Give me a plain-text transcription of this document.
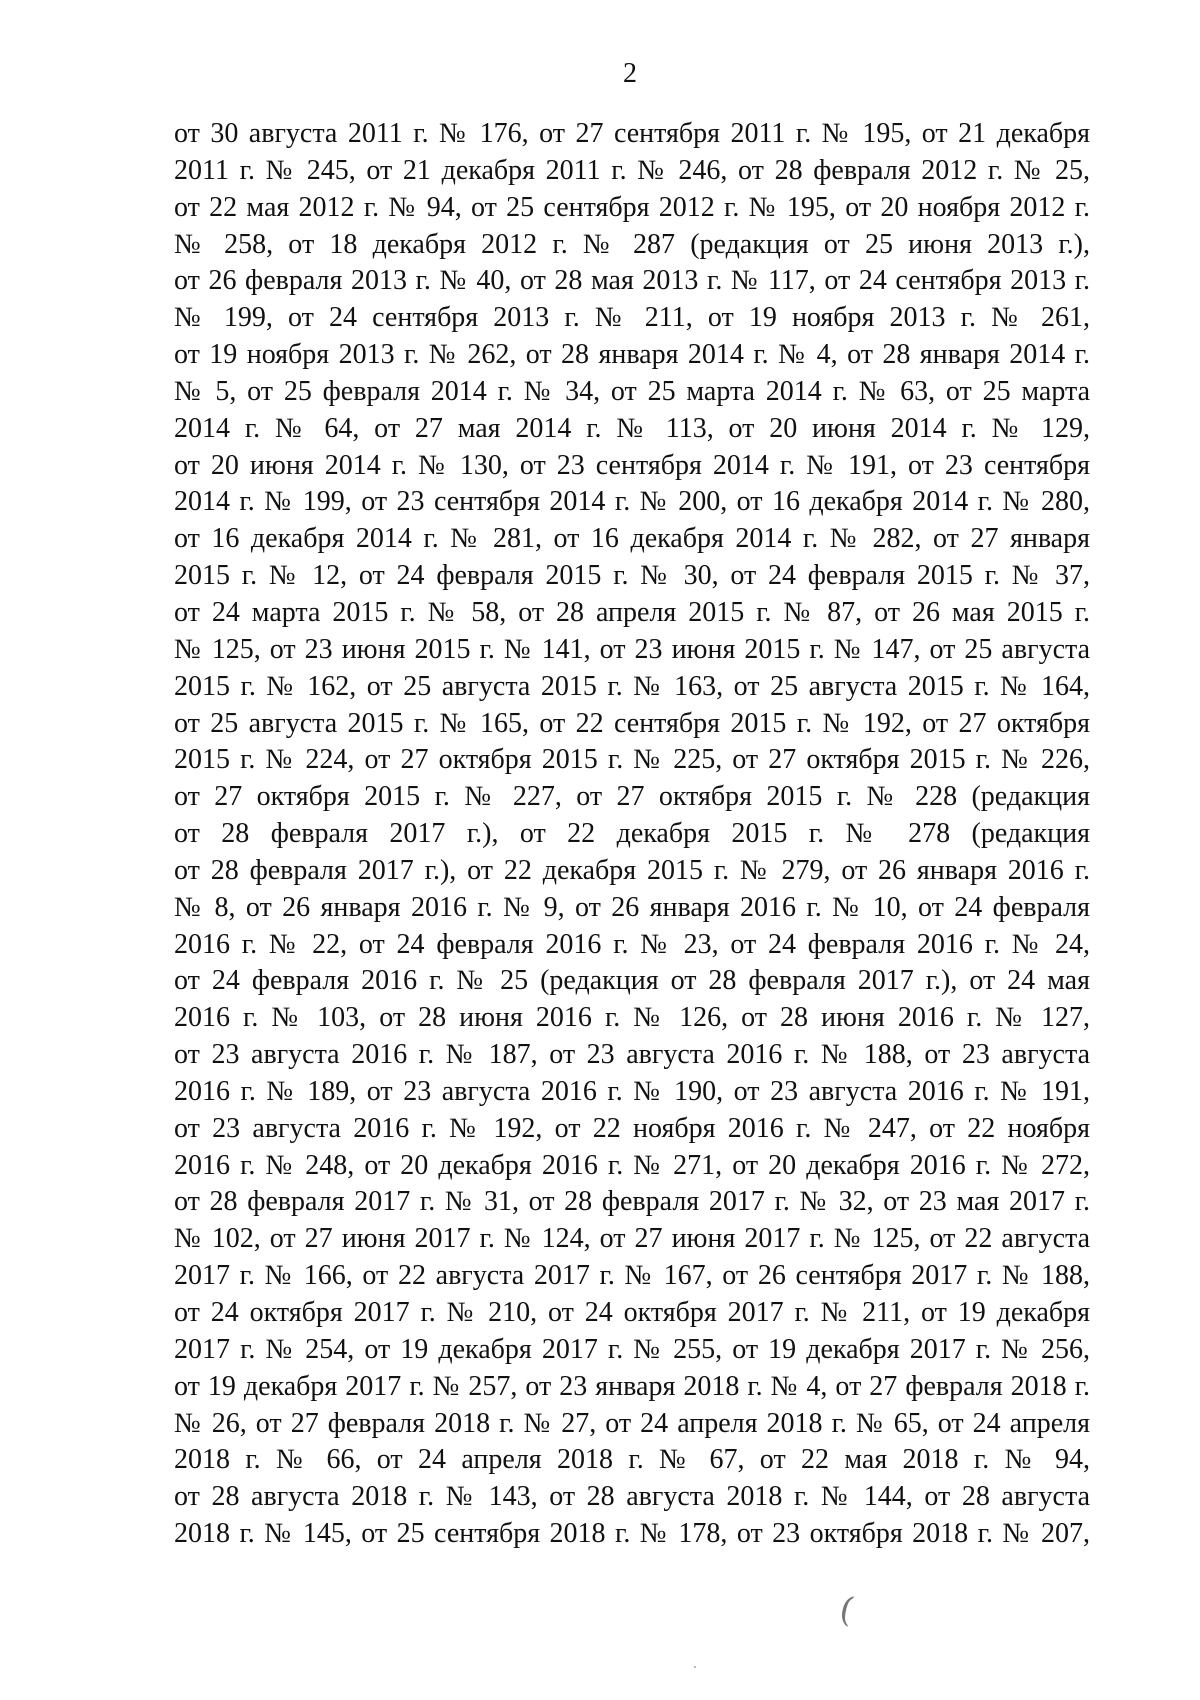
2
от 30 августа 2011 г. № 176, от 27 сентября 2011 г. № 195, от 21 декабря
2011 г. № 245, от 21 декабря 2011 г. № 246, от 28 февраля 2012 г. № 25,
от 22 мая 2012 г. № 94, от 25 сентября 2012 г. № 195, от 20 ноября 2012 г.
№ 258, от 18 декабря 2012 г. № 287 (редакция от 25 июня 2013 г.),
от 26 февраля 2013 г. № 40, от 28 мая 2013 г. № 117, от 24 сентября 2013 г.
№ 199, от 24 сентября 2013 г. № 211, от 19 ноября 2013 г. № 261,
от 19 ноября 2013 г. № 262, от 28 января 2014 г. № 4, от 28 января 2014 г.
№ 5, от 25 февраля 2014 г. № 34, от 25 марта 2014 г. № 63, от 25 марта
2014 г. № 64, от 27 мая 2014 г. № 113, от 20 июня 2014 г. № 129,
от 20 июня 2014 г. № 130, от 23 сентября 2014 г. № 191, от 23 сентября
2014 г. № 199, от 23 сентября 2014 г. № 200, от 16 декабря 2014 г. № 280,
от 16 декабря 2014 г. № 281, от 16 декабря 2014 г. № 282, от 27 января
2015 г. № 12, от 24 февраля 2015 г. № 30, от 24 февраля 2015 г. № 37,
от 24 марта 2015 г. № 58, от 28 апреля 2015 г. № 87, от 26 мая 2015 г.
№ 125, от 23 июня 2015 г. № 141, от 23 июня 2015 г. № 147, от 25 августа
2015 г. № 162, от 25 августа 2015 г. № 163, от 25 августа 2015 г. № 164,
от 25 августа 2015 г. № 165, от 22 сентября 2015 г. № 192, от 27 октября
2015 г. № 224, от 27 октября 2015 г. № 225, от 27 октября 2015 г. № 226,
от 27 октября 2015 г. № 227, от 27 октября 2015 г. № 228 (редакция
от 28 февраля 2017 г.), от 22 декабря 2015 г. № 278 (редакция
от 28 февраля 2017 г.), от 22 декабря 2015 г. № 279, от 26 января 2016 г.
№ 8, от 26 января 2016 г. № 9, от 26 января 2016 г. № 10, от 24 февраля
2016 г. № 22, от 24 февраля 2016 г. № 23, от 24 февраля 2016 г. № 24,
от 24 февраля 2016 г. № 25 (редакция от 28 февраля 2017 г.), от 24 мая
2016 г. № 103, от 28 июня 2016 г. № 126, от 28 июня 2016 г. № 127,
от 23 августа 2016 г. № 187, от 23 августа 2016 г. № 188, от 23 августа
2016 г. № 189, от 23 августа 2016 г. № 190, от 23 августа 2016 г. № 191,
от 23 августа 2016 г. № 192, от 22 ноября 2016 г. № 247, от 22 ноября
2016 г. № 248, от 20 декабря 2016 г. № 271, от 20 декабря 2016 г. № 272,
от 28 февраля 2017 г. № 31, от 28 февраля 2017 г. № 32, от 23 мая 2017 г.
№ 102, от 27 июня 2017 г. № 124, от 27 июня 2017 г. № 125, от 22 августа
2017 г. № 166, от 22 августа 2017 г. № 167, от 26 сентября 2017 г. № 188,
от 24 октября 2017 г. № 210, от 24 октября 2017 г. № 211, от 19 декабря
2017 г. № 254, от 19 декабря 2017 г. № 255, от 19 декабря 2017 г. № 256,
от 19 декабря 2017 г. № 257, от 23 января 2018 г. № 4, от 27 февраля 2018 г.
№ 26, от 27 февраля 2018 г. № 27, от 24 апреля 2018 г. № 65, от 24 апреля
2018 г. № 66, от 24 апреля 2018 г. № 67, от 22 мая 2018 г. № 94,
от 28 августа 2018 г. № 143, от 28 августа 2018 г. № 144, от 28 августа
2018 г. № 145, от 25 сентября 2018 г. № 178, от 23 октября 2018 г. № 207,
(
